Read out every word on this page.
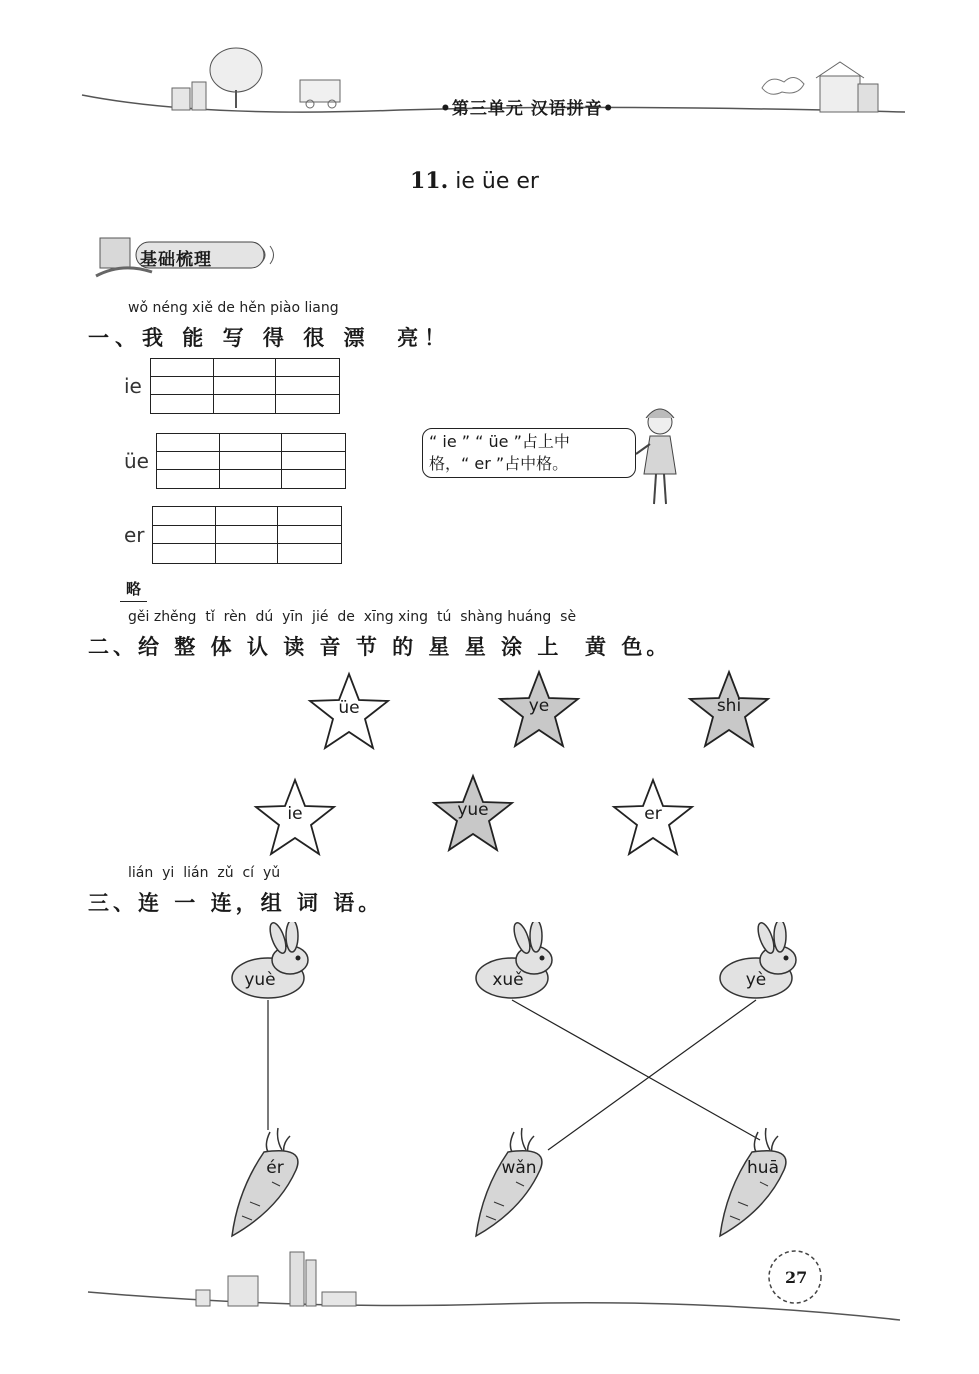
•第三单元 汉语拼音•
11. ie üe er
基础梳理
wǒ néng xiě de hěn piào liang
一、我 能 写 得 很 漂  亮！
ie
üe
er
“ ie ” “ üe ”占上中
格，“ er ”占中格。
略
gěi zhěng  tǐ  rèn  dú  yīn  jié  de  xīng xing  tú  shàng huáng  sè
二、给 整 体 认 读 音 节 的 星 星 涂 上  黄 色。
üe	ye	shi
ie	yue	er
lián  yi  lián  zǔ  cí  yǔ
三、连 一 连，组 词 语。
yuè	xuě	yè
ér	wǎn	huā
27
